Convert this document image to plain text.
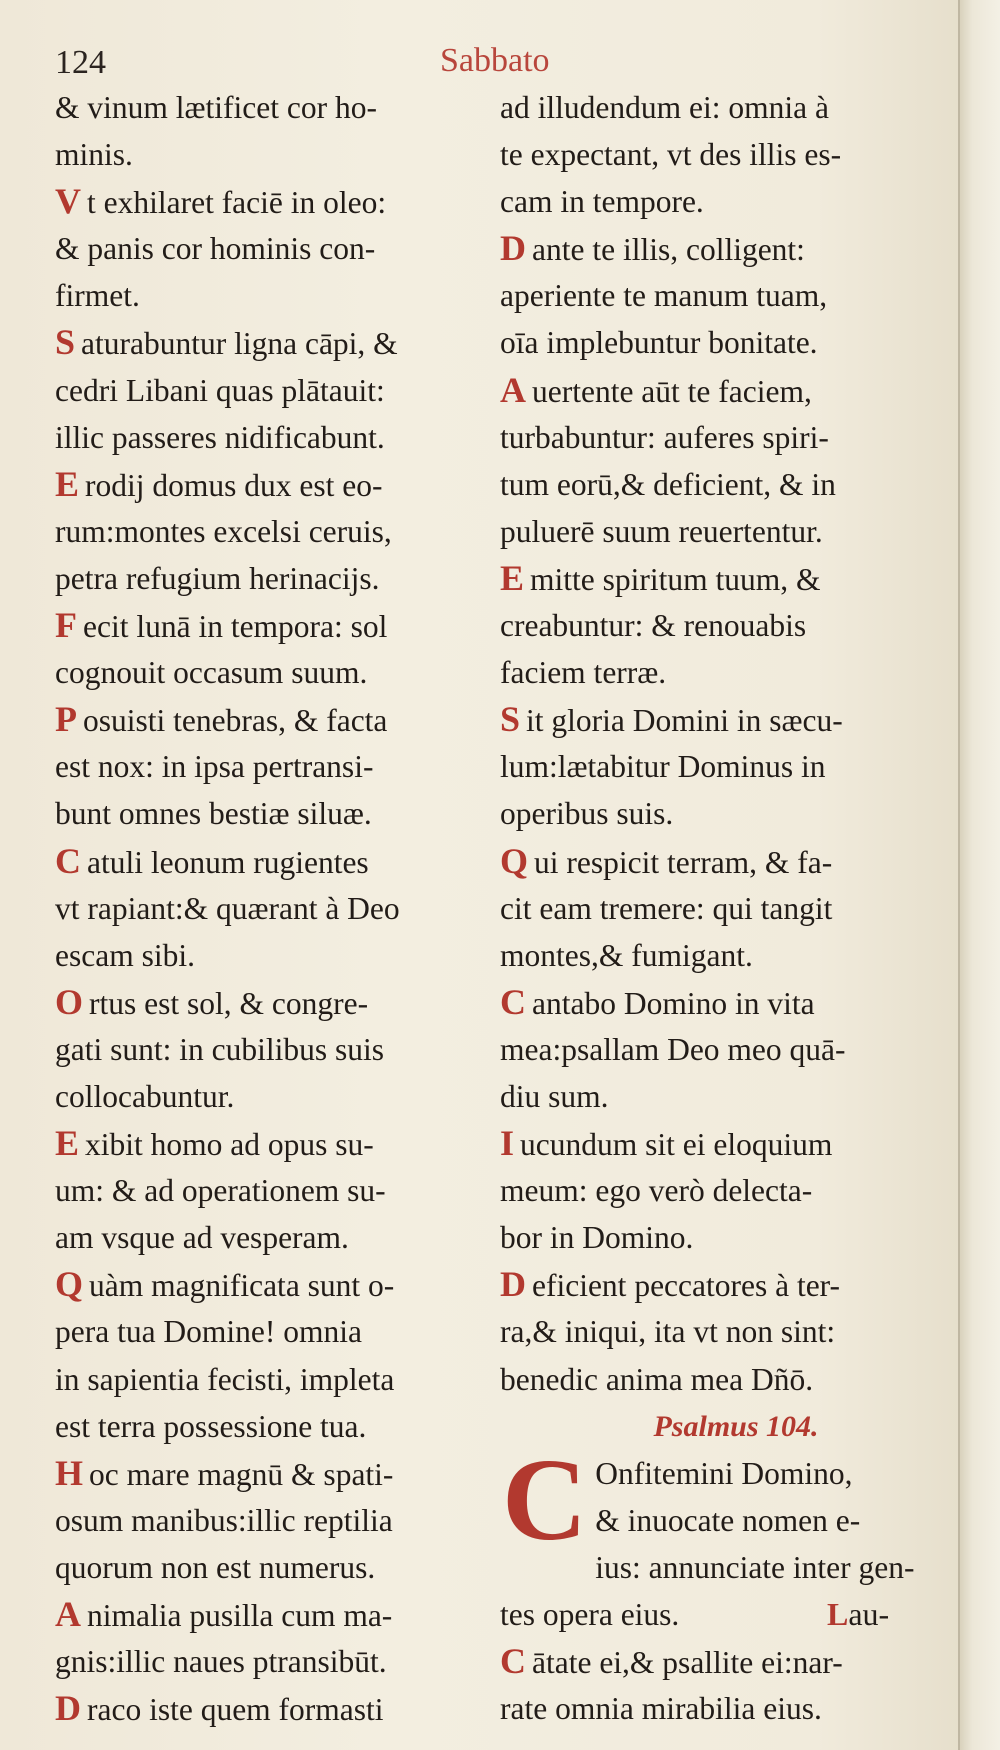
124	Sabbato
& vinum lætificet cor ho-
minis.
V t exhilaret faciē in oleo:
& panis cor hominis con-
firmet.
S aturabuntur ligna cāpi, &
cedri Libani quas plātauit:
illic passeres nidificabunt.
E rodij domus dux est eo-
rum:montes excelsi ceruis,
petra refugium herinacijs.
F ecit lunā in tempora: sol
cognouit occasum suum.
P osuisti tenebras, & facta
est nox: in ipsa pertransi-
bunt omnes bestiæ siluæ.
C atuli leonum rugientes
vt rapiant:& quærant à Deo
escam sibi.
O rtus est sol, & congre-
gati sunt: in cubilibus suis
collocabuntur.
E xibit homo ad opus su-
um: & ad operationem su-
am vsque ad vesperam.
Q uàm magnificata sunt o-
pera tua Domine! omnia
in sapientia fecisti, impleta
est terra possessione tua.
H oc mare magnū & spati-
osum manibus:illic reptilia
quorum non est numerus.
A nimalia pusilla cum ma-
gnis:illic naues ptransibūt.
D raco iste quem formasti
ad illudendum ei: omnia à
te expectant, vt des illis es-
cam in tempore.
D ante te illis, colligent:
aperiente te manum tuam,
oīa implebuntur bonitate.
A uertente aūt te faciem,
turbabuntur: auferes spiri-
tum eorū,& deficient, & in
puluerē suum reuertentur.
E mitte spiritum tuum, &
creabuntur: & renouabis
faciem terræ.
S it gloria Domini in sæcu-
lum:lætabitur Dominus in
operibus suis.
Q ui respicit terram, & fa-
cit eam tremere: qui tangit
montes,& fumigant.
C antabo Domino in vita
mea:psallam Deo meo quā-
diu sum.
I ucundum sit ei eloquium
meum: ego verò delecta-
bor in Domino.
D eficient peccatores à ter-
ra,& iniqui, ita vt non sint:
benedic anima mea Dñō.
Psalmus 104.
C Onfitemini Domino,
& inuocate nomen e-
ius: annunciate inter gen-
tes opera eius.
C ātate ei,& psallite ei:nar-
rate omnia mirabilia eius.
Lau-
